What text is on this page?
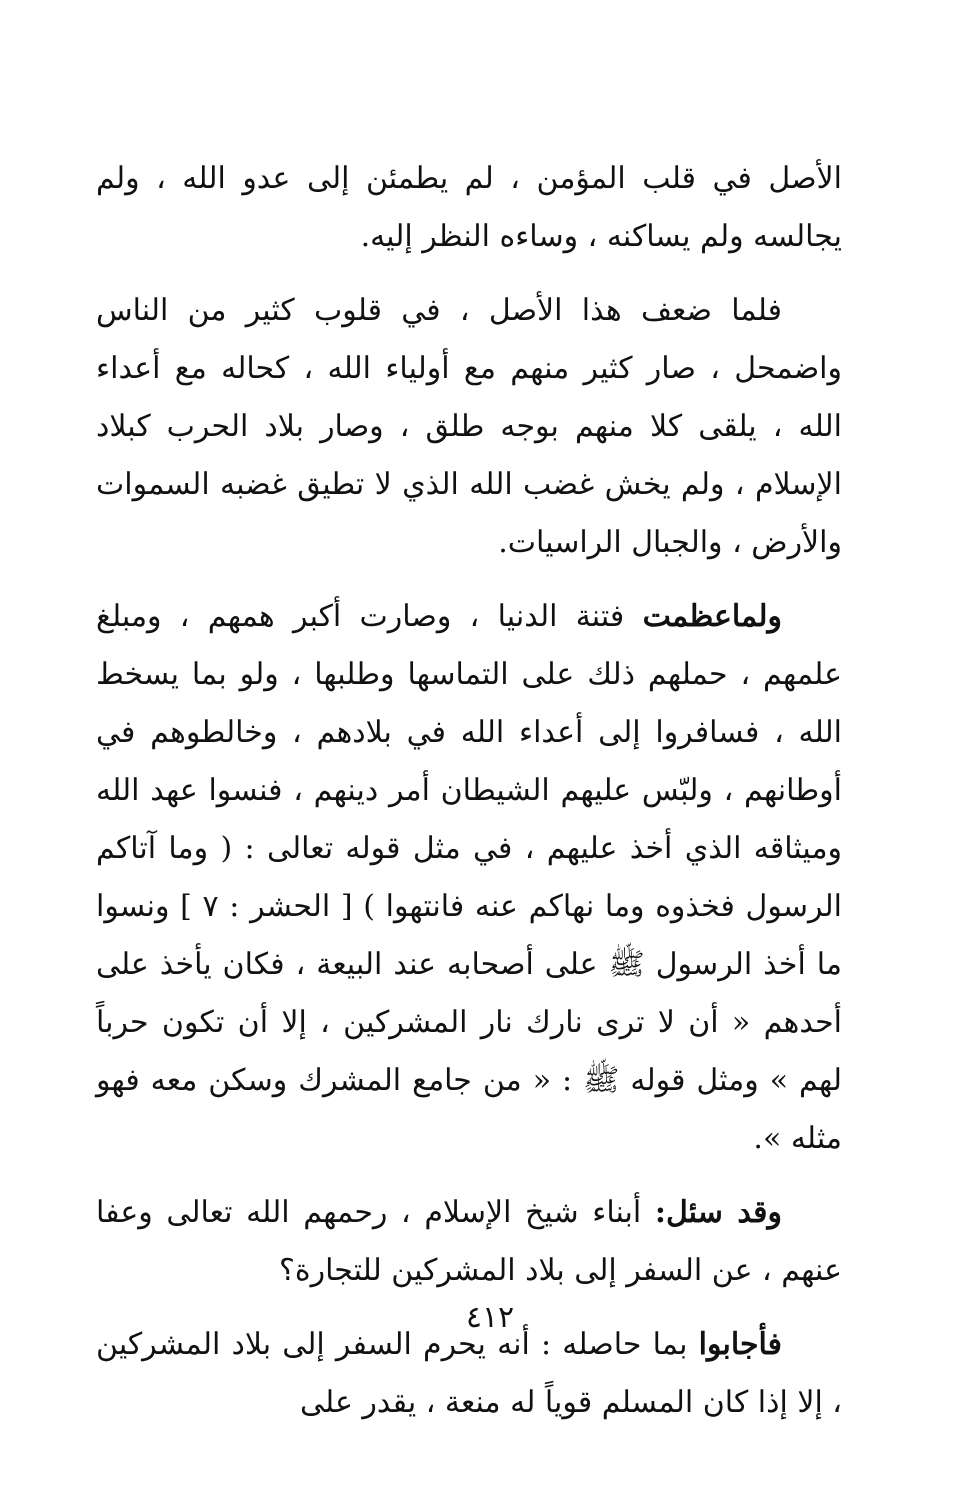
الأصل في قلب المؤمن ، لم يطمئن إلى عدو الله ، ولم يجالسه ولم يساكنه ، وساءه النظر إليه.

فلما ضعف هذا الأصل ، في قلوب كثير من الناس واضمحل ، صار كثير منهم مع أولياء الله ، كحاله مع أعداء الله ، يلقى كلا منهم بوجه طلق ، وصار بلاد الحرب كبلاد الإسلام ، ولم يخش غضب الله الذي لا تطيق غضبه السموات والأرض ، والجبال الراسيات.

ولماعظمت فتنة الدنيا ، وصارت أكبر همهم ، ومبلغ علمهم ، حملهم ذلك على التماسها وطلبها ، ولو بما يسخط الله ، فسافروا إلى أعداء الله في بلادهم ، وخالطوهم في أوطانهم ، ولبّس عليهم الشيطان أمر دينهم ، فنسوا عهد الله وميثاقه الذي أخذ عليهم ، في مثل قوله تعالى : ( وما آتاكم الرسول فخذوه وما نهاكم عنه فانتهوا ) [ الحشر : ٧ ] ونسوا ما أخذ الرسول ﷺ على أصحابه عند البيعة ، فكان يأخذ على أحدهم « أن لا ترى نارك نار المشركين ، إلا أن تكون حرباً لهم » ومثل قوله ﷺ : « من جامع المشرك وسكن معه فهو مثله ».

وقد سئل: أبناء شيخ الإسلام ، رحمهم الله تعالى وعفا عنهم ، عن السفر إلى بلاد المشركين للتجارة؟

فأجابوا بما حاصله : أنه يحرم السفر إلى بلاد المشركين ، إلا إذا كان المسلم قوياً له منعة ، يقدر على

٤١٢
